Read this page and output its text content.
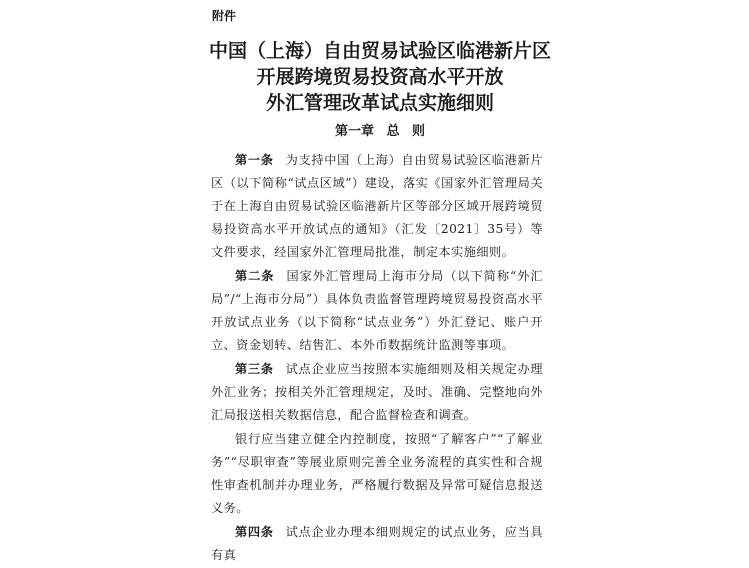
附件
中国（上海）自由贸易试验区临港新片区
开展跨境贸易投资高水平开放
外汇管理改革试点实施细则
第一章 总 则

第一条 为支持中国（上海）自由贸易试验区临港新片区（以下简称“试点区域”）建设，落实《国家外汇管理局关于在上海自由贸易试验区临港新片区等部分区域开展跨境贸易投资高水平开放试点的通知》（汇发〔2021〕35号）等文件要求，经国家外汇管理局批准，制定本实施细则。

第二条 国家外汇管理局上海市分局（以下简称“外汇局”/“上海市分局”）具体负责监督管理跨境贸易投资高水平开放试点业务（以下简称“试点业务”）外汇登记、账户开立、资金划转、结售汇、本外币数据统计监测等事项。

第三条 试点企业应当按照本实施细则及相关规定办理外汇业务；按相关外汇管理规定，及时、准确、完整地向外汇局报送相关数据信息，配合监督检查和调查。

银行应当建立健全内控制度，按照“了解客户”“了解业务”“尽职审查”等展业原则完善全业务流程的真实性和合规性审查机制并办理业务，严格履行数据及异常可疑信息报送义务。

第四条 试点企业办理本细则规定的试点业务，应当具有真
